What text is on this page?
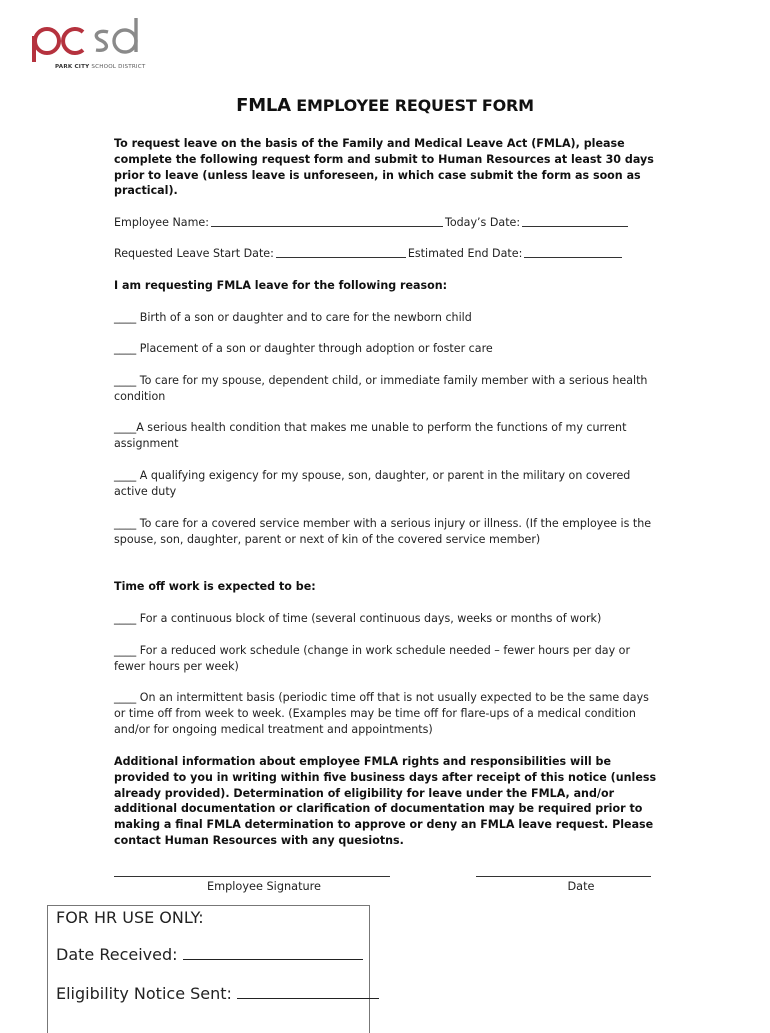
PARK CITY SCHOOL DISTRICT
FMLA EMPLOYEE REQUEST FORM
To request leave on the basis of the Family and Medical Leave Act (FMLA), please complete the following request form and submit to Human Resources at least 30 days prior to leave (unless leave is unforeseen, in which case submit the form as soon as practical).
Employee Name:	Today’s Date:
Requested Leave Start Date:	Estimated End Date:
I am requesting FMLA leave for the following reason:
____ Birth of a son or daughter and to care for the newborn child
____ Placement of a son or daughter through adoption or foster care
____ To care for my spouse, dependent child, or immediate family member with a serious health condition
____A serious health condition that makes me unable to perform the functions of my current assignment
____ A qualifying exigency for my spouse, son, daughter, or parent in the military on covered active duty
____ To care for a covered service member with a serious injury or illness. (If the employee is the spouse, son, daughter, parent or next of kin of the covered service member)
Time off work is expected to be:
____ For a continuous block of time (several continuous days, weeks or months of work)
____ For a reduced work schedule (change in work schedule needed – fewer hours per day or fewer hours per week)
____ On an intermittent basis (periodic time off that is not usually expected to be the same days or time off from week to week. (Examples may be time off for flare-ups of a medical condition and/or for ongoing medical treatment and appointments)
Additional information about employee FMLA rights and responsibilities will be provided to you in writing within five business days after receipt of this notice (unless already provided). Determination of eligibility for leave under the FMLA, and/or additional documentation or clarification of documentation may be required prior to making a final FMLA determination to approve or deny an FMLA leave request. Please contact Human Resources with any quesiotns.
Employee Signature	Date
FOR HR USE ONLY:
Date Received:
Eligibility Notice Sent:
